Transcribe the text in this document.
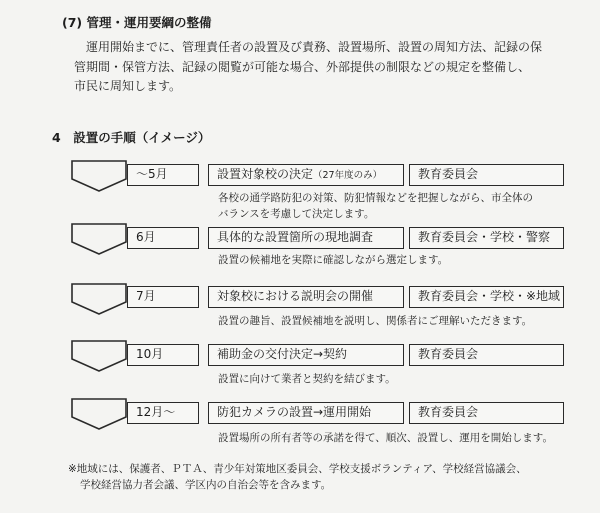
(7) 管理・運用要綱の整備
運用開始までに、管理責任者の設置及び責務、設置場所、設置の周知方法、記録の保
管期間・保管方法、記録の閲覧が可能な場合、外部提供の制限などの規定を整備し、
市民に周知します。
4　設置の手順（イメージ）
～5月	設置対象校の決定（27年度のみ）	教育委員会
各校の通学路防犯の対策、防犯情報などを把握しながら、市全体の
バランスを考慮して決定します。
6月	具体的な設置箇所の現地調査	教育委員会・学校・警察
設置の候補地を実際に確認しながら選定します。
7月	対象校における説明会の開催	教育委員会・学校・※地域
設置の趣旨、設置候補地を説明し、関係者にご理解いただきます。
10月	補助金の交付決定→契約	教育委員会
設置に向けて業者と契約を結びます。
12月～	防犯カメラの設置→運用開始	教育委員会
設置場所の所有者等の承諾を得て、順次、設置し、運用を開始します。
※地域には、保護者、ＰＴＡ、青少年対策地区委員会、学校支援ボランティア、学校経営協議会、
学校経営協力者会議、学区内の自治会等を含みます。
